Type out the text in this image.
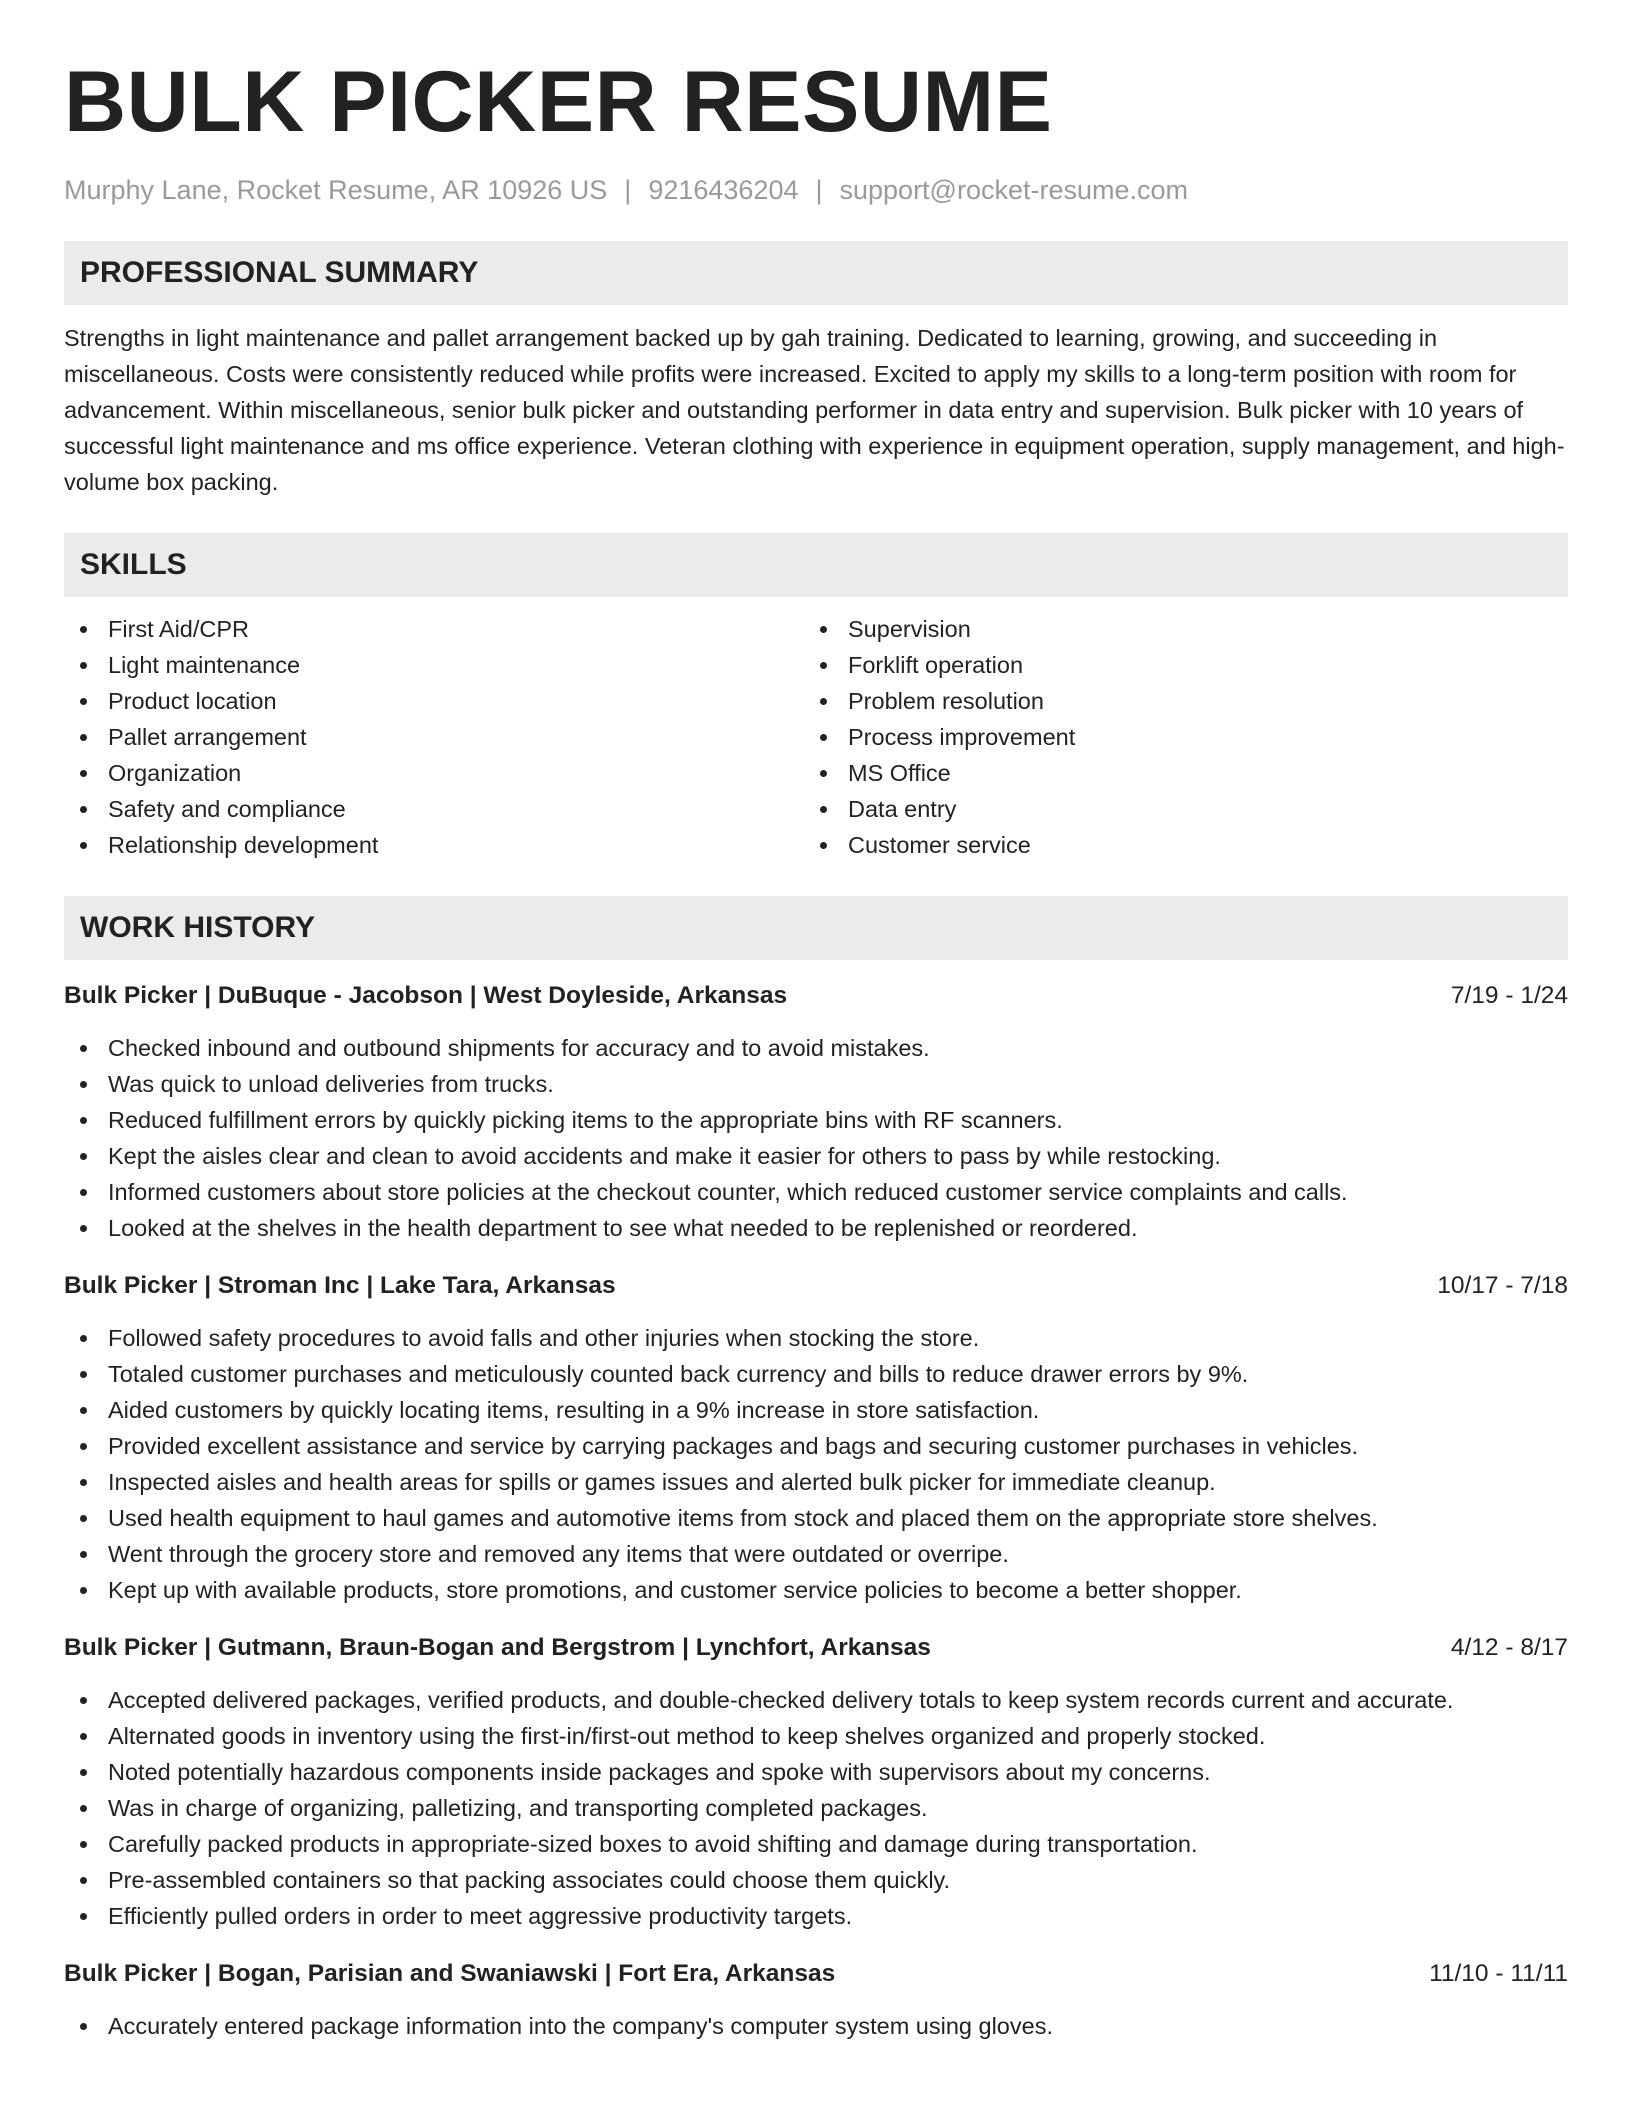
BULK PICKER RESUME
Murphy Lane, Rocket Resume, AR 10926 US | 9216436204 | support@rocket-resume.com
PROFESSIONAL SUMMARY

Strengths in light maintenance and pallet arrangement backed up by gah training. Dedicated to learning, growing, and succeeding in miscellaneous. Costs were consistently reduced while profits were increased. Excited to apply my skills to a long-term position with room for advancement. Within miscellaneous, senior bulk picker and outstanding performer in data entry and supervision. Bulk picker with 10 years of successful light maintenance and ms office experience. Veteran clothing with experience in equipment operation, supply management, and high-volume box packing.

SKILLS
First Aid/CPR
Light maintenance
Product location
Pallet arrangement
Organization
Safety and compliance
Relationship development
Supervision
Forklift operation
Problem resolution
Process improvement
MS Office
Data entry
Customer service
WORK HISTORY
Bulk Picker | DuBuque - Jacobson | West Doyleside, Arkansas	7/19 - 1/24
Checked inbound and outbound shipments for accuracy and to avoid mistakes.
Was quick to unload deliveries from trucks.
Reduced fulfillment errors by quickly picking items to the appropriate bins with RF scanners.
Kept the aisles clear and clean to avoid accidents and make it easier for others to pass by while restocking.
Informed customers about store policies at the checkout counter, which reduced customer service complaints and calls.
Looked at the shelves in the health department to see what needed to be replenished or reordered.
Bulk Picker | Stroman Inc | Lake Tara, Arkansas	10/17 - 7/18
Followed safety procedures to avoid falls and other injuries when stocking the store.
Totaled customer purchases and meticulously counted back currency and bills to reduce drawer errors by 9%.
Aided customers by quickly locating items, resulting in a 9% increase in store satisfaction.
Provided excellent assistance and service by carrying packages and bags and securing customer purchases in vehicles.
Inspected aisles and health areas for spills or games issues and alerted bulk picker for immediate cleanup.
Used health equipment to haul games and automotive items from stock and placed them on the appropriate store shelves.
Went through the grocery store and removed any items that were outdated or overripe.
Kept up with available products, store promotions, and customer service policies to become a better shopper.
Bulk Picker | Gutmann, Braun-Bogan and Bergstrom | Lynchfort, Arkansas	4/12 - 8/17
Accepted delivered packages, verified products, and double-checked delivery totals to keep system records current and accurate.
Alternated goods in inventory using the first-in/first-out method to keep shelves organized and properly stocked.
Noted potentially hazardous components inside packages and spoke with supervisors about my concerns.
Was in charge of organizing, palletizing, and transporting completed packages.
Carefully packed products in appropriate-sized boxes to avoid shifting and damage during transportation.
Pre-assembled containers so that packing associates could choose them quickly.
Efficiently pulled orders in order to meet aggressive productivity targets.
Bulk Picker | Bogan, Parisian and Swaniawski | Fort Era, Arkansas	11/10 - 11/11
Accurately entered package information into the company's computer system using gloves.
